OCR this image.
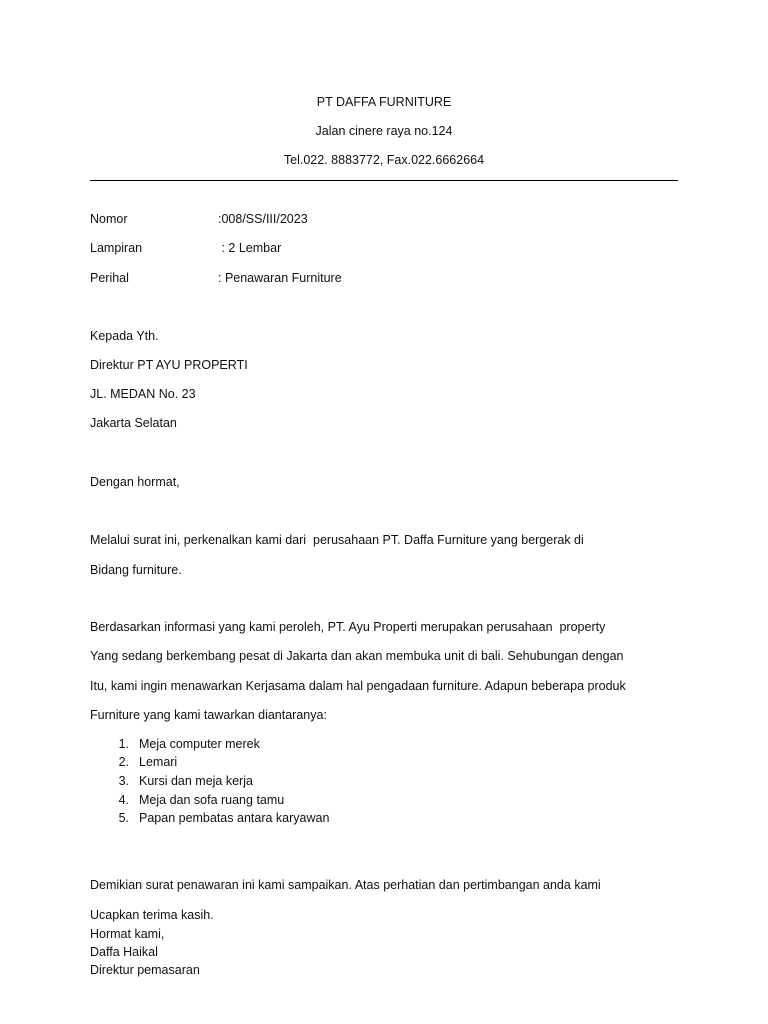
PT DAFFA FURNITURE
Jalan cinere raya no.124
Tel.022. 8883772, Fax.022.6662664
Nomor	:008/SS/III/2023
Lampiran	: 2 Lembar
Perihal	: Penawaran Furniture
Kepada Yth.
Direktur PT AYU PROPERTI
JL. MEDAN No. 23
Jakarta Selatan
Dengan hormat,
Melalui surat ini, perkenalkan kami dari  perusahaan PT. Daffa Furniture yang bergerak di
Bidang furniture.
Berdasarkan informasi yang kami peroleh, PT. Ayu Properti merupakan perusahaan  property
Yang sedang berkembang pesat di Jakarta dan akan membuka unit di bali. Sehubungan dengan
Itu, kami ingin menawarkan Kerjasama dalam hal pengadaan furniture. Adapun beberapa produk
Furniture yang kami tawarkan diantaranya:
1. Meja computer merek
2. Lemari
3. Kursi dan meja kerja
4. Meja dan sofa ruang tamu
5. Papan pembatas antara karyawan
Demikian surat penawaran ini kami sampaikan. Atas perhatian dan pertimbangan anda kami
Ucapkan terima kasih.
Hormat kami,
Daffa Haikal
Direktur pemasaran
